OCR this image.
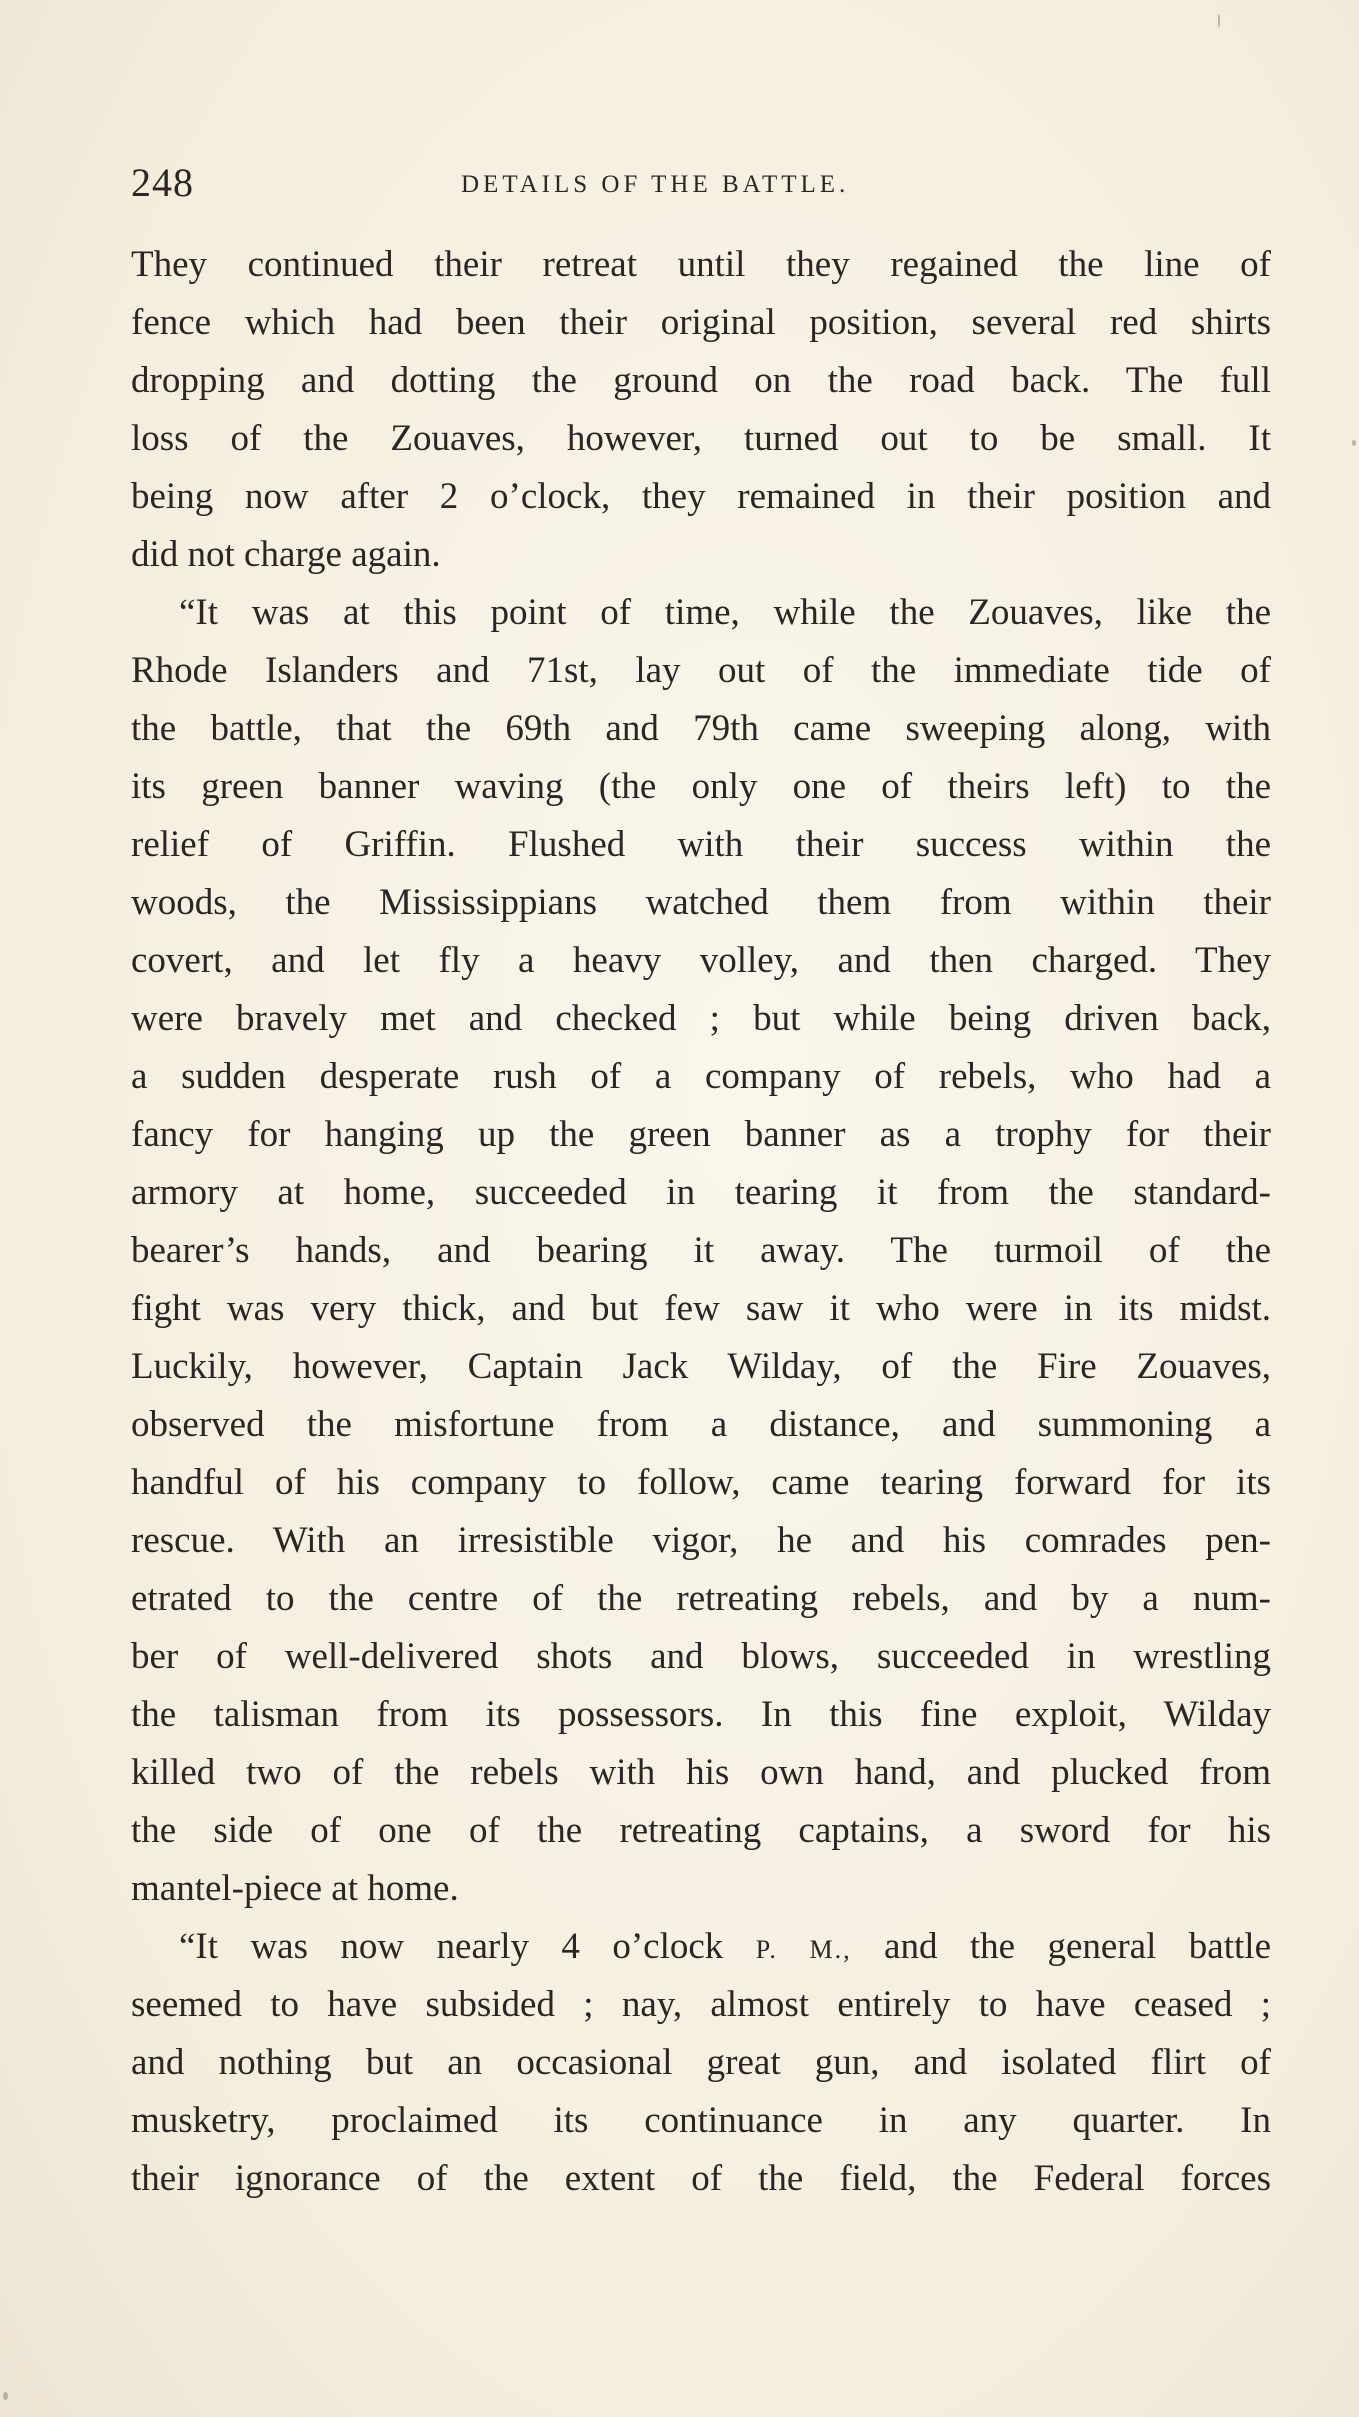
248	DETAILS OF THE BATTLE.
They continued their retreat until they regained the line of
fence which had been their original position, several red shirts
dropping and dotting the ground on the road back. The full
loss of the Zouaves, however, turned out to be small. It
being now after 2 o’clock, they remained in their position and
did not charge again.
“It was at this point of time, while the Zouaves, like the
Rhode Islanders and 71st, lay out of the immediate tide of
the battle, that the 69th and 79th came sweeping along, with
its green banner waving (the only one of theirs left) to the
relief of Griffin. Flushed with their success within the
woods, the Mississippians watched them from within their
covert, and let fly a heavy volley, and then charged. They
were bravely met and checked ; but while being driven back,
a sudden desperate rush of a company of rebels, who had a
fancy for hanging up the green banner as a trophy for their
armory at home, succeeded in tearing it from the standard-
bearer’s hands, and bearing it away. The turmoil of the
fight was very thick, and but few saw it who were in its midst.
Luckily, however, Captain Jack Wilday, of the Fire Zouaves,
observed the misfortune from a distance, and summoning a
handful of his company to follow, came tearing forward for its
rescue. With an irresistible vigor, he and his comrades pen-
etrated to the centre of the retreating rebels, and by a num-
ber of well-delivered shots and blows, succeeded in wrestling
the talisman from its possessors. In this fine exploit, Wilday
killed two of the rebels with his own hand, and plucked from
the side of one of the retreating captains, a sword for his
mantel-piece at home.
“It was now nearly 4 o’clock P. M., and the general battle
seemed to have subsided ; nay, almost entirely to have ceased ;
and nothing but an occasional great gun, and isolated flirt of
musketry, proclaimed its continuance in any quarter. In
their ignorance of the extent of the field, the Federal forces
